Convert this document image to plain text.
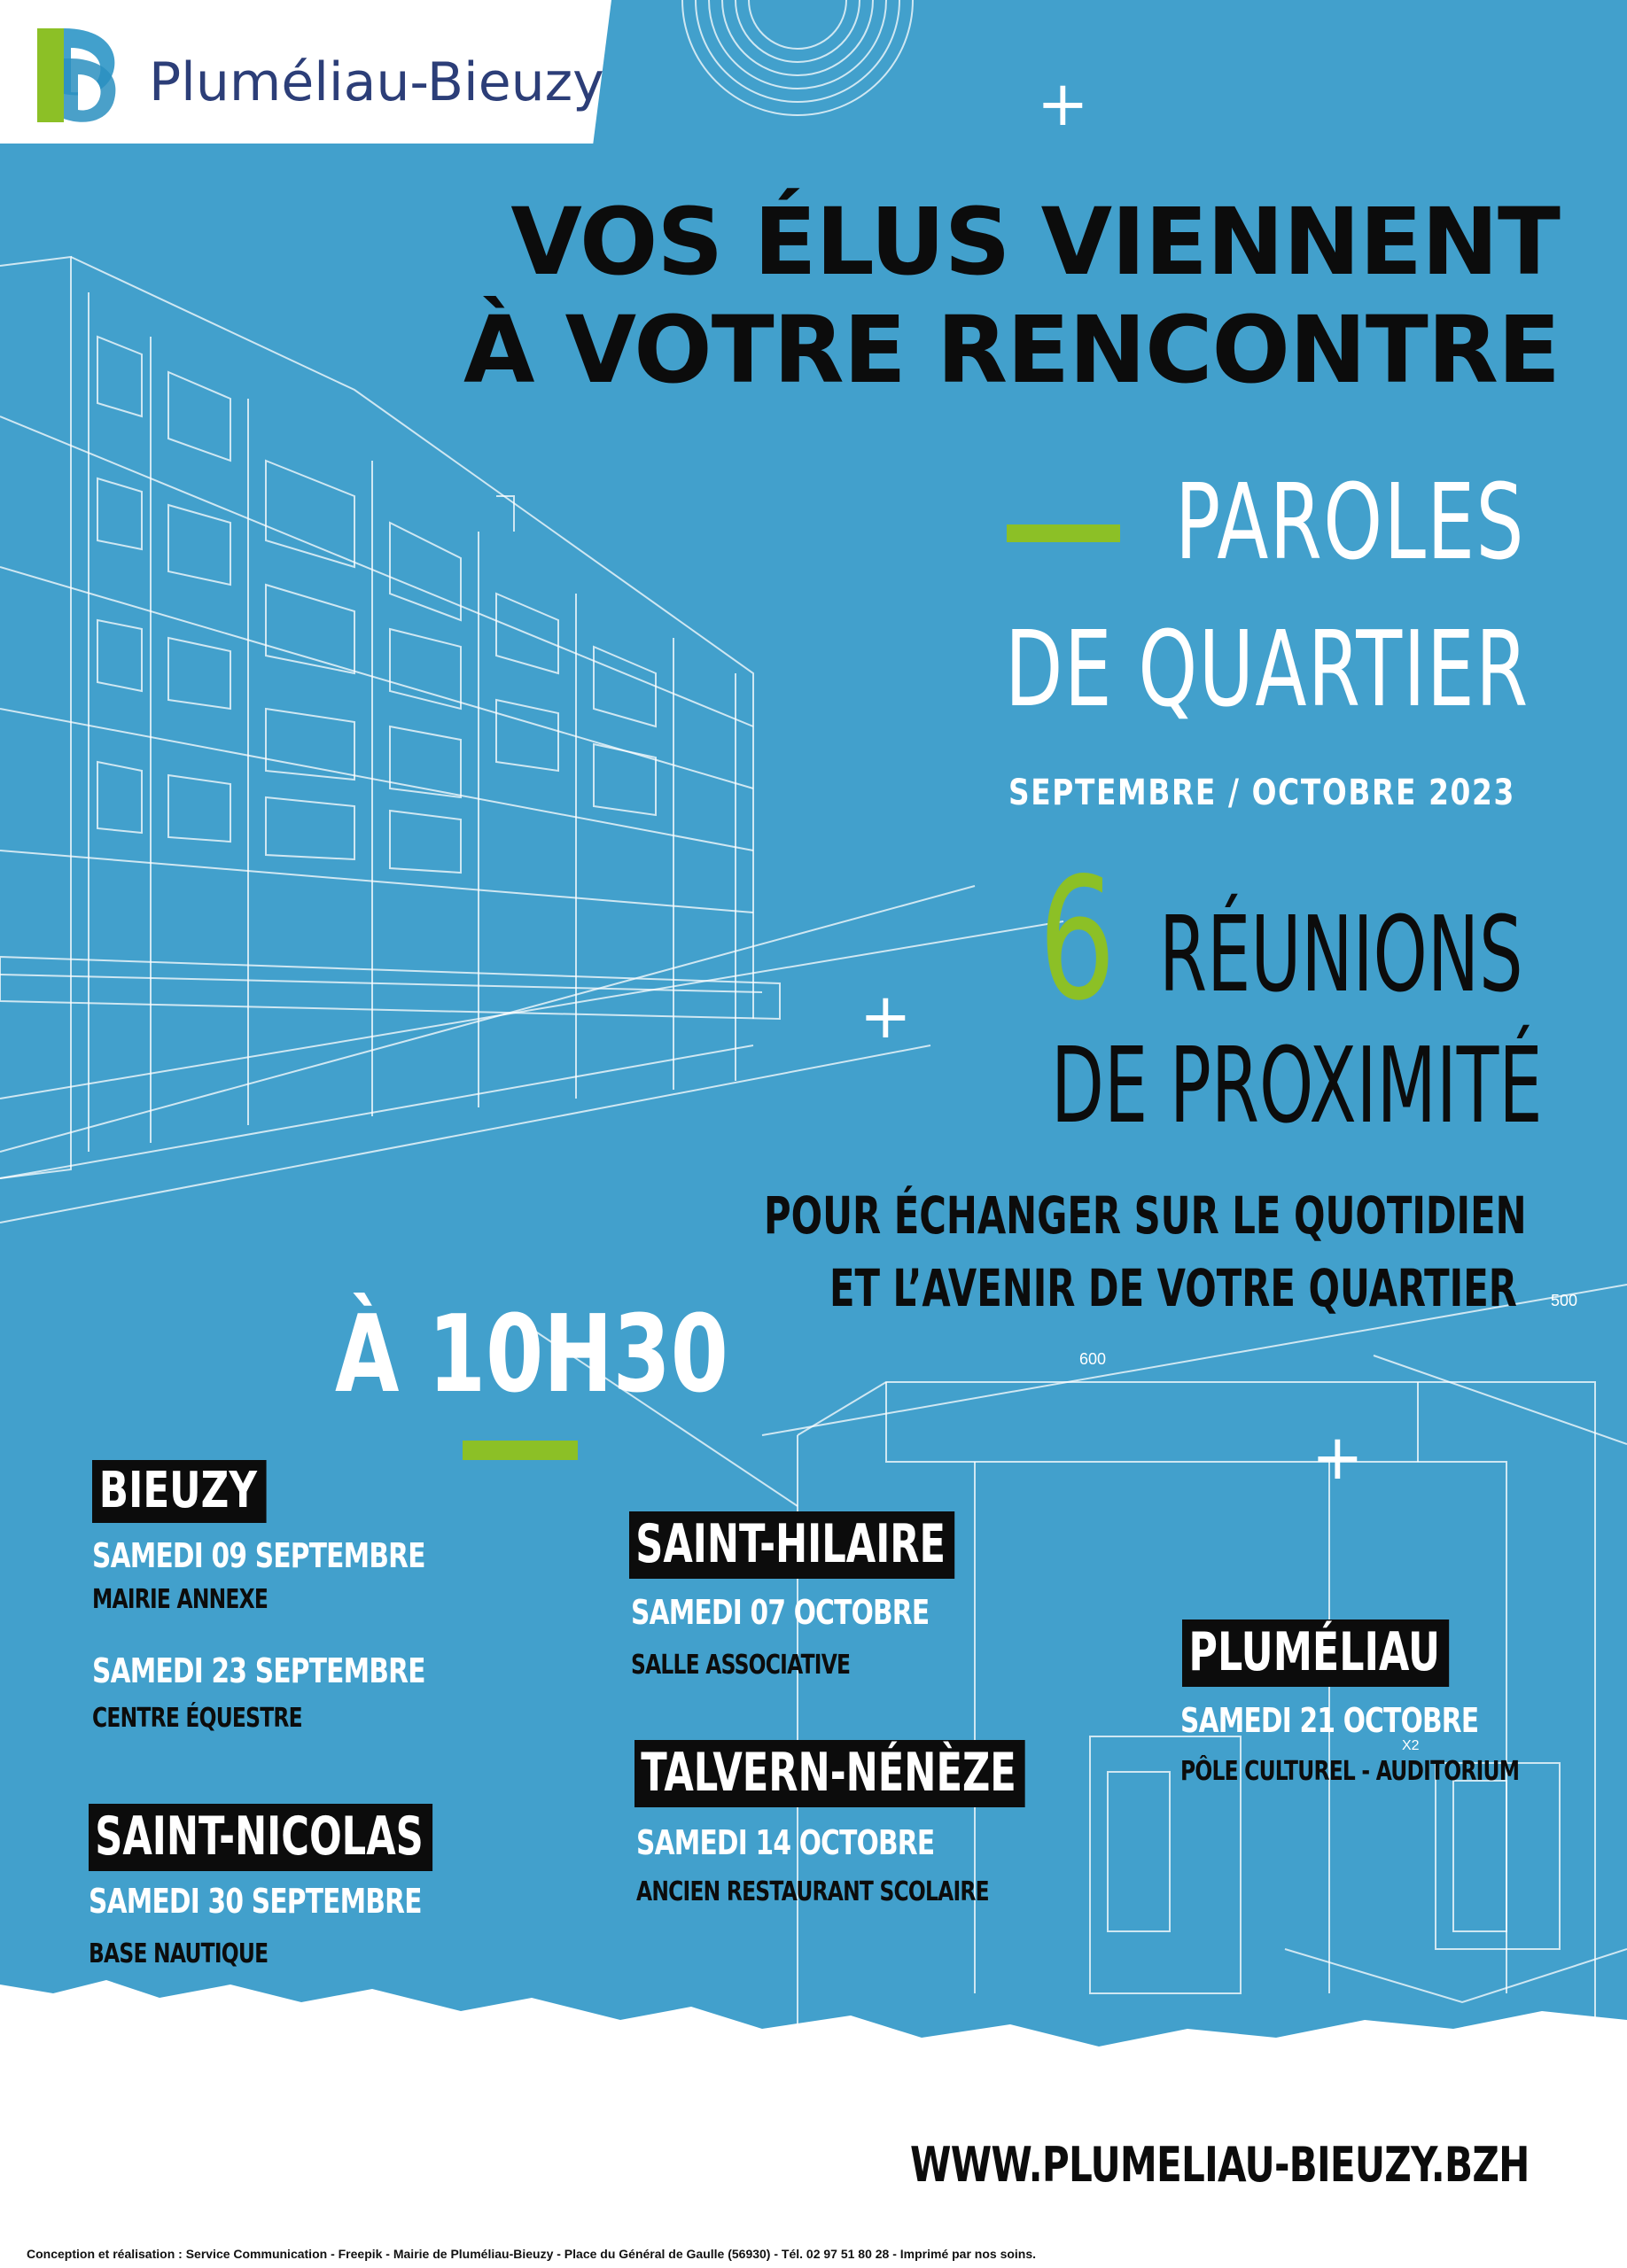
+
+
+
500
600
X2
Pluméliau-Bieuzy
VOS ÉLUS VIENNENT
À VOTRE RENCONTRE
PAROLES
DE QUARTIER
SEPTEMBRE / OCTOBRE 2023
6 RÉUNIONS
DE PROXIMITÉ
POUR ÉCHANGER SUR LE QUOTIDIEN
ET L’AVENIR DE VOTRE QUARTIER
À 10H30
BIEUZY
SAMEDI 09 SEPTEMBRE
MAIRIE ANNEXE
SAMEDI 23 SEPTEMBRE
CENTRE ÉQUESTRE
SAINT-NICOLAS
SAMEDI 30 SEPTEMBRE
BASE NAUTIQUE
SAINT-HILAIRE
SAMEDI 07 OCTOBRE
SALLE ASSOCIATIVE
TALVERN-NÉNÈZE
SAMEDI 14 OCTOBRE
ANCIEN RESTAURANT SCOLAIRE
PLUMÉLIAU
SAMEDI 21 OCTOBRE
PÔLE CULTUREL - AUDITORIUM
WWW.PLUMELIAU-BIEUZY.BZH
Conception et réalisation : Service Communication - Freepik - Mairie de Pluméliau-Bieuzy - Place du Général de Gaulle (56930) - Tél. 02 97 51 80 28 - Imprimé par nos soins.
